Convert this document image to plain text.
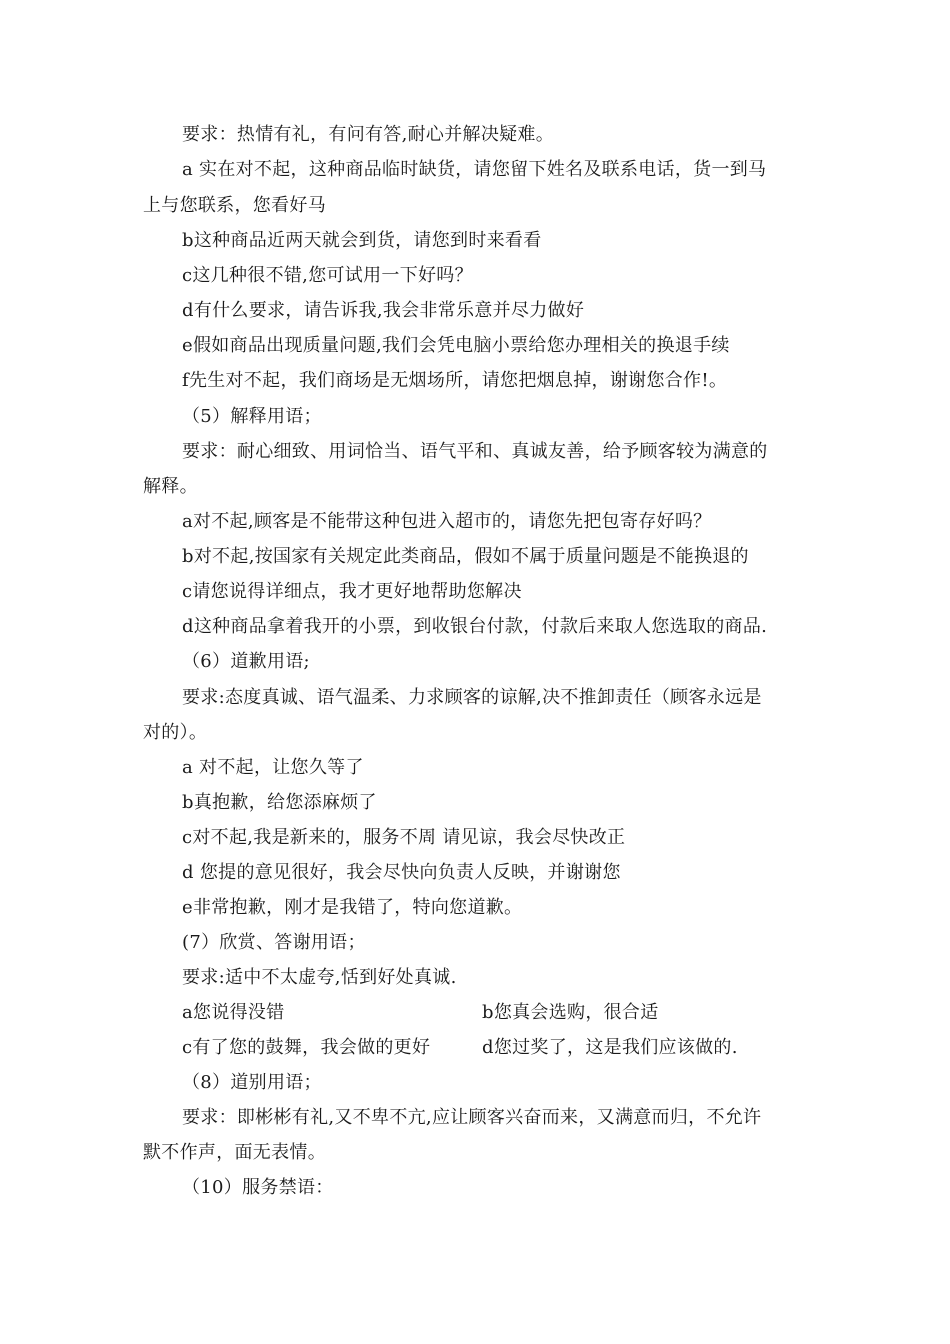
要求：热情有礼，有问有答,耐心并解决疑难。
a 实在对不起，这种商品临时缺货，请您留下姓名及联系电话，货一到马
上与您联系，您看好马
b这种商品近两天就会到货，请您到时来看看
c这几种很不错,您可试用一下好吗？
d有什么要求，请告诉我,我会非常乐意并尽力做好
e假如商品出现质量问题,我们会凭电脑小票给您办理相关的换退手续
f先生对不起，我们商场是无烟场所，请您把烟息掉，谢谢您合作!。
（5）解释用语；
要求：耐心细致、用词恰当、语气平和、真诚友善，给予顾客较为满意的
解释。
a对不起,顾客是不能带这种包进入超市的，请您先把包寄存好吗？
b对不起,按国家有关规定此类商品，假如不属于质量问题是不能换退的
c请您说得详细点，我才更好地帮助您解决
d这种商品拿着我开的小票，到收银台付款，付款后来取人您选取的商品.
（6）道歉用语;
要求:态度真诚、语气温柔、力求顾客的谅解,决不推卸责任（顾客永远是
对的）。
a 对不起，让您久等了
b真抱歉，给您添麻烦了
c对不起,我是新来的，服务不周 请见谅，我会尽快改正
d 您提的意见很好，我会尽快向负责人反映，并谢谢您
e非常抱歉，刚才是我错了，特向您道歉。
(7）欣赏、答谢用语；
要求:适中不太虚夸,恬到好处真诚.
a您说得没错	b您真会选购，很合适
c有了您的鼓舞，我会做的更好	d您过奖了，这是我们应该做的.
（8）道别用语；
要求：即彬彬有礼,又不卑不亢,应让顾客兴奋而来，又满意而归，不允许
默不作声，面无表情。
（10）服务禁语：
